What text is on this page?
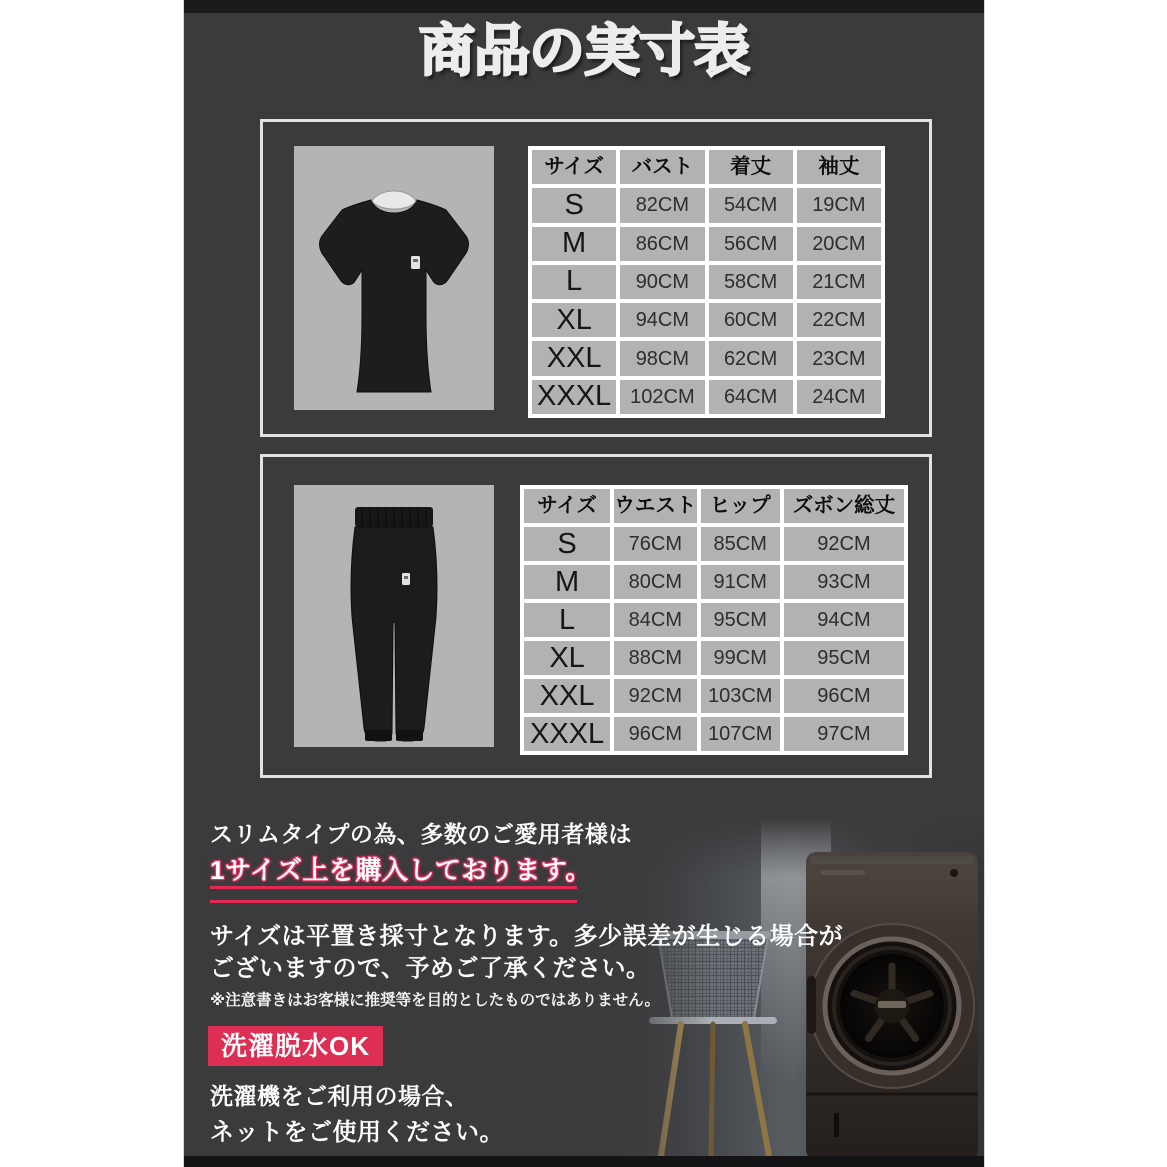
商品の実寸表
サイズ	バスト	着丈	袖丈
S	82CM	54CM	19CM
M	86CM	56CM	20CM
L	90CM	58CM	21CM
XL	94CM	60CM	22CM
XXL	98CM	62CM	23CM
XXXL 102CM	64CM	24CM
サイズ ウエスト ヒップ	ズボン総丈
S	76CM	85CM	92CM
M	80CM	91CM	93CM
L	84CM	95CM	94CM
XL	88CM	99CM	95CM
XXL	92CM	103CM	96CM
XXXL	96CM	107CM	97CM

スリムタイプの為、多数のご愛用者様は

1サイズ上を購入しております。

サイズは平置き採寸となります。多少誤差が生じる場合が

ございますので、予めご了承ください。

※注意書きはお客様に推奨等を目的としたものではありません。

洗濯脱水OK

洗濯機をご利用の場合、

ネットをご使用ください。
